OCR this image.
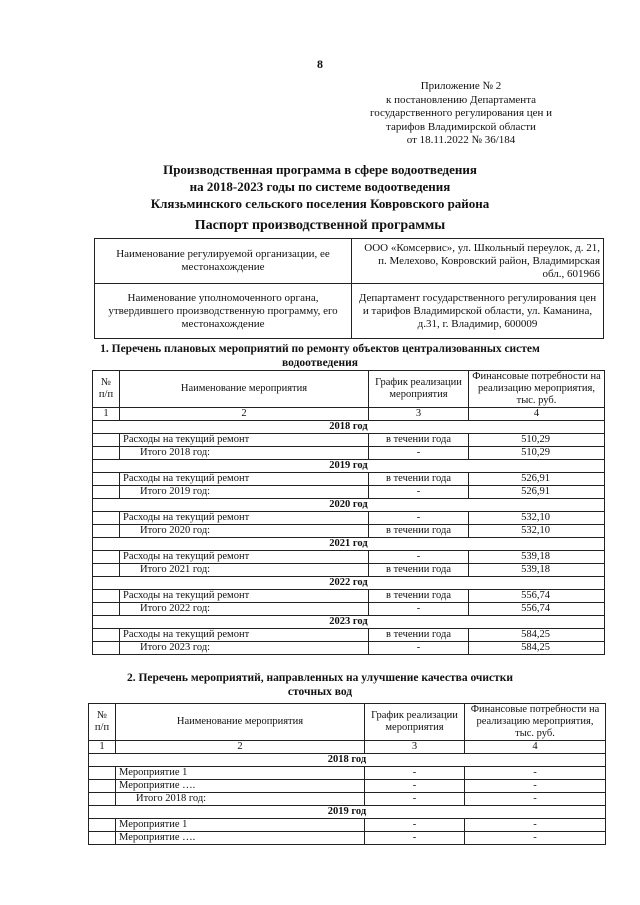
8
Приложение № 2
к постановлению Департамента
государственного регулирования цен и
тарифов Владимирской области
от 18.11.2022 № 36/184
Производственная программа в сфере водоотведения
на 2018-2023 годы по системе водоотведения
Клязьминского сельского поселения Ковровского района
Паспорт производственной программы
Наименование регулируемой организации, ее местонахождение	ООО «Комсервис», ул. Школьный переулок, д. 21, п. Мелехово, Ковровский район, Владимирская обл., 601966
Наименование уполномоченного органа, утвердившего производственную программу, его местонахождение	Департамент государственного регулирования цен и тарифов Владимирской области, ул. Каманина, д.31, г. Владимир, 600009
1. Перечень плановых мероприятий по ремонту объектов централизованных систем
водоотведения
№ п/п	Наименование мероприятия	График реализации мероприятия	Финансовые потребности на реализацию мероприятия, тыс. руб.
1	2	3	4
2018 год			
	Расходы на текущий ремонт	в течении года	510,29
	Итого 2018 год:	-	510,29
2019 год			
	Расходы на текущий ремонт	в течении года	526,91
	Итого 2019 год:	-	526,91
2020 год			
	Расходы на текущий ремонт	-	532,10
	Итого 2020 год:	в течении года	532,10
2021 год			
	Расходы на текущий ремонт	-	539,18
	Итого 2021 год:	в течении года	539,18
2022 год			
	Расходы на текущий ремонт	в течении года	556,74
	Итого 2022 год:	-	556,74
2023 год			
	Расходы на текущий ремонт	в течении года	584,25
	Итого 2023 год:	-	584,25
2. Перечень мероприятий, направленных на улучшение качества очистки
сточных вод
№ п/п	Наименование мероприятия	График реализации мероприятия	Финансовые потребности на реализацию мероприятия, тыс. руб.
1	2	3	4
2018 год			
	Мероприятие 1	-	-
	Мероприятие ….	-	-
	Итого 2018 год:	-	-
2019 год			
	Мероприятие 1	-	-
	Мероприятие ….	-	-
